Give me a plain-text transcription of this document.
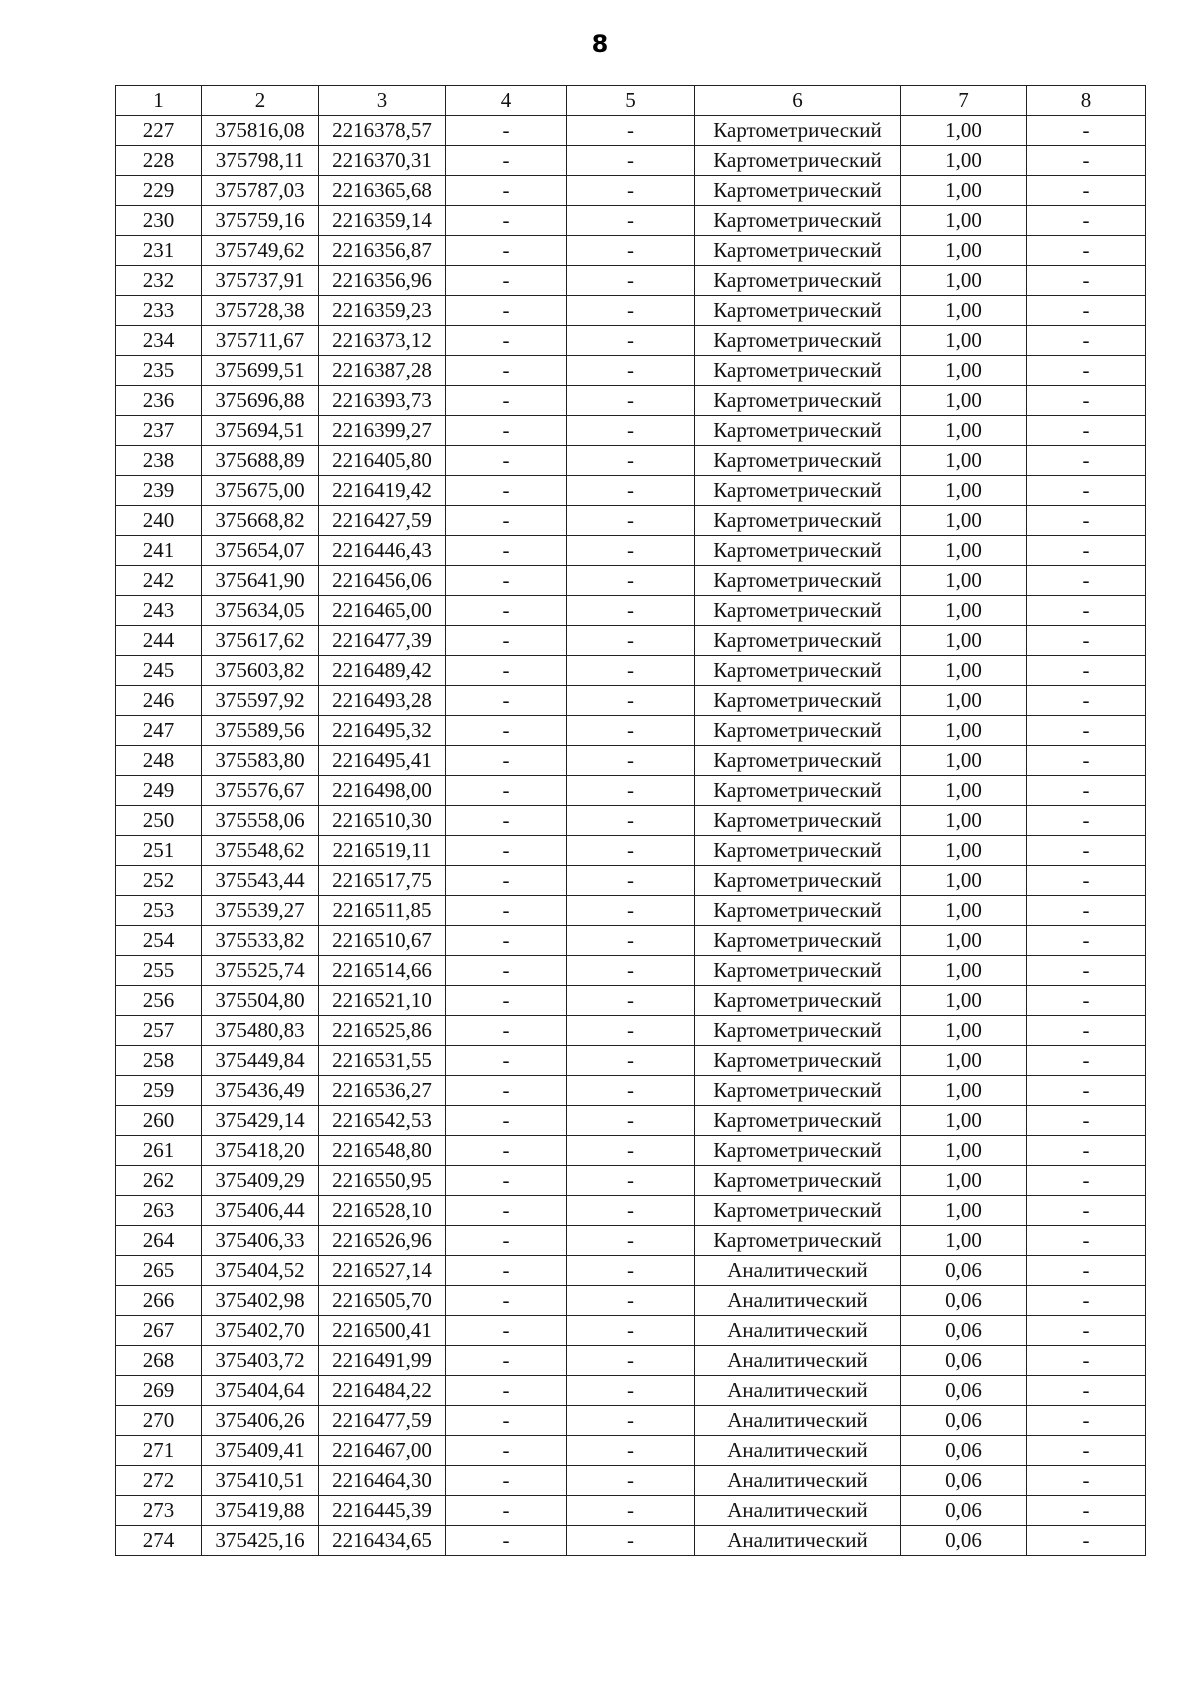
8
1	2	3	4	5	6	7	8
227	375816,08	2216378,57	-	-	Картометрический	1,00	-
228	375798,11	2216370,31	-	-	Картометрический	1,00	-
229	375787,03	2216365,68	-	-	Картометрический	1,00	-
230	375759,16	2216359,14	-	-	Картометрический	1,00	-
231	375749,62	2216356,87	-	-	Картометрический	1,00	-
232	375737,91	2216356,96	-	-	Картометрический	1,00	-
233	375728,38	2216359,23	-	-	Картометрический	1,00	-
234	375711,67	2216373,12	-	-	Картометрический	1,00	-
235	375699,51	2216387,28	-	-	Картометрический	1,00	-
236	375696,88	2216393,73	-	-	Картометрический	1,00	-
237	375694,51	2216399,27	-	-	Картометрический	1,00	-
238	375688,89	2216405,80	-	-	Картометрический	1,00	-
239	375675,00	2216419,42	-	-	Картометрический	1,00	-
240	375668,82	2216427,59	-	-	Картометрический	1,00	-
241	375654,07	2216446,43	-	-	Картометрический	1,00	-
242	375641,90	2216456,06	-	-	Картометрический	1,00	-
243	375634,05	2216465,00	-	-	Картометрический	1,00	-
244	375617,62	2216477,39	-	-	Картометрический	1,00	-
245	375603,82	2216489,42	-	-	Картометрический	1,00	-
246	375597,92	2216493,28	-	-	Картометрический	1,00	-
247	375589,56	2216495,32	-	-	Картометрический	1,00	-
248	375583,80	2216495,41	-	-	Картометрический	1,00	-
249	375576,67	2216498,00	-	-	Картометрический	1,00	-
250	375558,06	2216510,30	-	-	Картометрический	1,00	-
251	375548,62	2216519,11	-	-	Картометрический	1,00	-
252	375543,44	2216517,75	-	-	Картометрический	1,00	-
253	375539,27	2216511,85	-	-	Картометрический	1,00	-
254	375533,82	2216510,67	-	-	Картометрический	1,00	-
255	375525,74	2216514,66	-	-	Картометрический	1,00	-
256	375504,80	2216521,10	-	-	Картометрический	1,00	-
257	375480,83	2216525,86	-	-	Картометрический	1,00	-
258	375449,84	2216531,55	-	-	Картометрический	1,00	-
259	375436,49	2216536,27	-	-	Картометрический	1,00	-
260	375429,14	2216542,53	-	-	Картометрический	1,00	-
261	375418,20	2216548,80	-	-	Картометрический	1,00	-
262	375409,29	2216550,95	-	-	Картометрический	1,00	-
263	375406,44	2216528,10	-	-	Картометрический	1,00	-
264	375406,33	2216526,96	-	-	Картометрический	1,00	-
265	375404,52	2216527,14	-	-	Аналитический	0,06	-
266	375402,98	2216505,70	-	-	Аналитический	0,06	-
267	375402,70	2216500,41	-	-	Аналитический	0,06	-
268	375403,72	2216491,99	-	-	Аналитический	0,06	-
269	375404,64	2216484,22	-	-	Аналитический	0,06	-
270	375406,26	2216477,59	-	-	Аналитический	0,06	-
271	375409,41	2216467,00	-	-	Аналитический	0,06	-
272	375410,51	2216464,30	-	-	Аналитический	0,06	-
273	375419,88	2216445,39	-	-	Аналитический	0,06	-
274	375425,16	2216434,65	-	-	Аналитический	0,06	-
